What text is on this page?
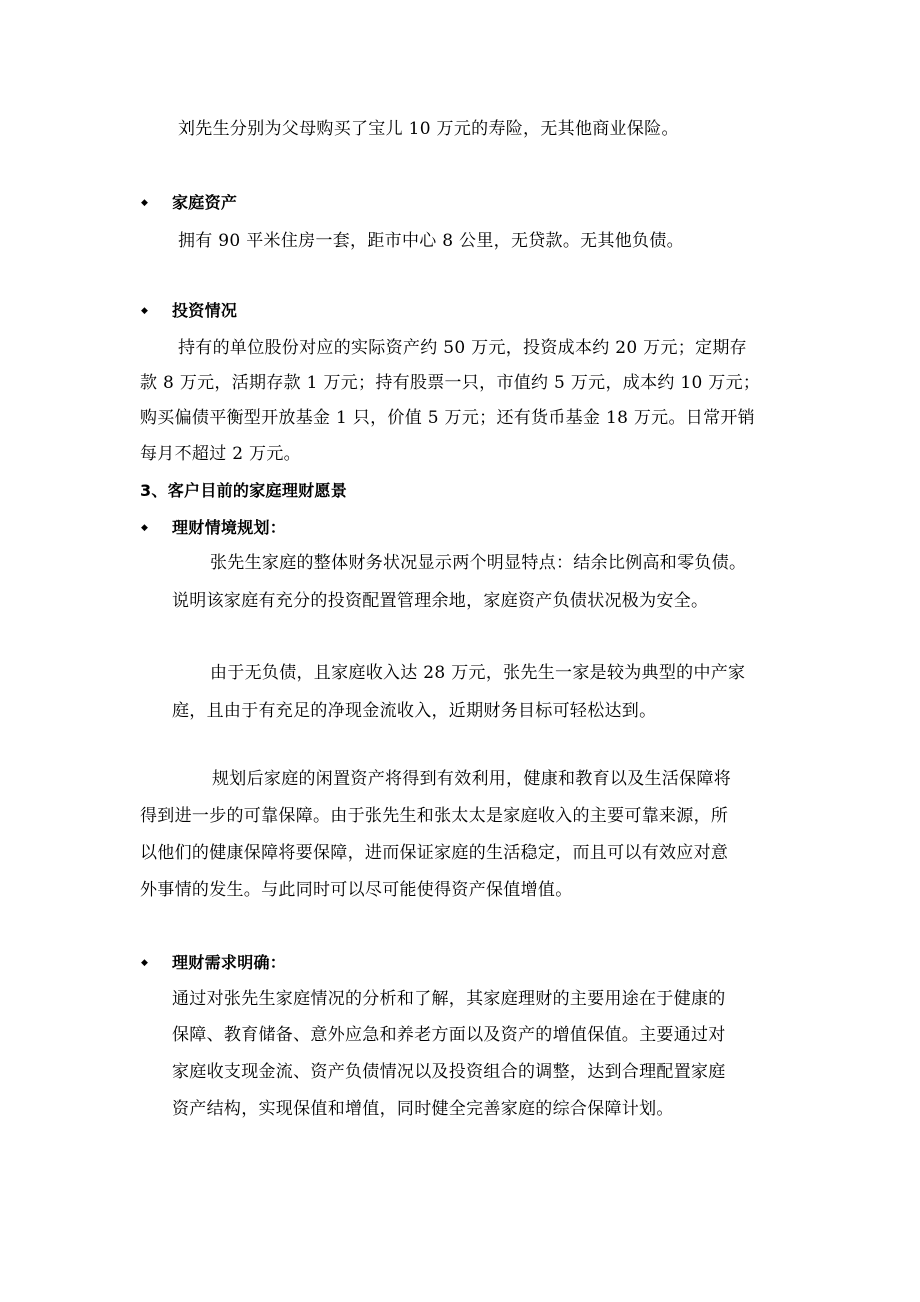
刘先生分别为父母购买了宝儿 10 万元的寿险，无其他商业保险。
◆
家庭资产
拥有 90 平米住房一套，距市中心 8 公里，无贷款。无其他负债。
◆
投资情况
持有的单位股份对应的实际资产约 50 万元，投资成本约 20 万元；定期存
款 8 万元，活期存款 1 万元；持有股票一只，市值约 5 万元，成本约 10 万元；
购买偏债平衡型开放基金 1 只，价值 5 万元；还有货币基金 18 万元。日常开销
每月不超过 2 万元。
3、客户目前的家庭理财愿景
◆
理财情境规划：
张先生家庭的整体财务状况显示两个明显特点：结余比例高和零负债。
说明该家庭有充分的投资配置管理余地，家庭资产负债状况极为安全。
由于无负债，且家庭收入达 28 万元，张先生一家是较为典型的中产家
庭，且由于有充足的净现金流收入，近期财务目标可轻松达到。
规划后家庭的闲置资产将得到有效利用，健康和教育以及生活保障将
得到进一步的可靠保障。由于张先生和张太太是家庭收入的主要可靠来源，所
以他们的健康保障将要保障，进而保证家庭的生活稳定，而且可以有效应对意
外事情的发生。与此同时可以尽可能使得资产保值增值。
◆
理财需求明确：
通过对张先生家庭情况的分析和了解，其家庭理财的主要用途在于健康的
保障、教育储备、意外应急和养老方面以及资产的增值保值。主要通过对
家庭收支现金流、资产负债情况以及投资组合的调整，达到合理配置家庭
资产结构，实现保值和增值，同时健全完善家庭的综合保障计划。
